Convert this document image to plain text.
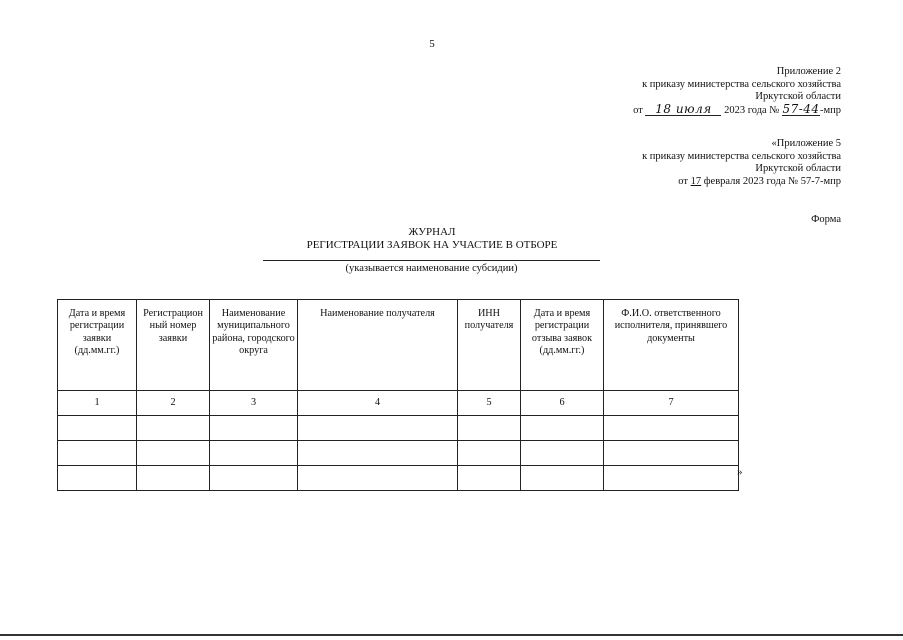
5
Приложение 2
к приказу министерства сельского хозяйства
Иркутской области
от 18 июля 2023 года № 57-44-мпр
«Приложение 5
к приказу министерства сельского хозяйства
Иркутской области
от 17 февраля 2023 года № 57-7-мпр
Форма
ЖУРНАЛ
РЕГИСТРАЦИИ ЗАЯВОК НА УЧАСТИЕ В ОТБОРЕ
(указывается наименование субсидии)
Дата и время регистрации заявки (дд.мм.гг.)	Регистрацион ный номер заявки	Наименование муниципального района, городского округа	Наименование получателя	ИНН получателя	Дата и время регистрации отзыва заявок (дд.мм.гг.)	Ф.И.О. ответственного исполнителя, принявшего документы
1	2	3	4	5	6	7

»
